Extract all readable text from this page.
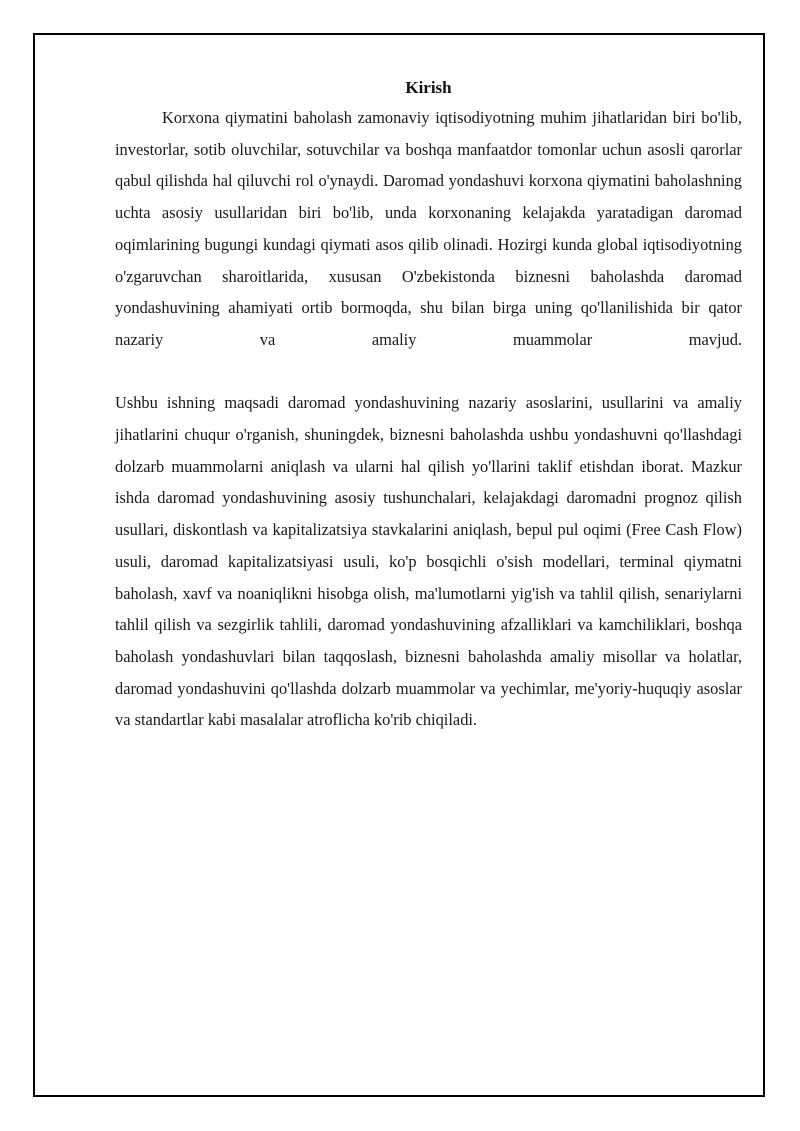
Kirish

Korxona qiymatini baholash zamonaviy iqtisodiyotning muhim jihatlaridan biri bo'lib, investorlar, sotib oluvchilar, sotuvchilar va boshqa manfaatdor tomonlar uchun asosli qarorlar qabul qilishda hal qiluvchi rol o'ynaydi. Daromad yondashuvi korxona qiymatini baholashning uchta asosiy usullaridan biri bo'lib, unda korxonaning kelajakda yaratadigan daromad oqimlarining bugungi kundagi qiymati asos qilib olinadi. Hozirgi kunda global iqtisodiyotning o'zgaruvchan sharoitlarida, xususan O'zbekistonda biznesni baholashda daromad yondashuvining ahamiyati ortib bormoqda, shu bilan birga uning qo'llanilishida bir qator nazariy va amaliy muammolar mavjud.

Ushbu ishning maqsadi daromad yondashuvining nazariy asoslarini, usullarini va amaliy jihatlarini chuqur o'rganish, shuningdek, biznesni baholashda ushbu yondashuvni qo'llashdagi dolzarb muammolarni aniqlash va ularni hal qilish yo'llarini taklif etishdan iborat. Mazkur ishda daromad yondashuvining asosiy tushunchalari, kelajakdagi daromadni prognoz qilish usullari, diskontlash va kapitalizatsiya stavkalarini aniqlash, bepul pul oqimi (Free Cash Flow) usuli, daromad kapitalizatsiyasi usuli, ko'p bosqichli o'sish modellari, terminal qiymatni baholash, xavf va noaniqlikni hisobga olish, ma'lumotlarni yig'ish va tahlil qilish, senariylarni tahlil qilish va sezgirlik tahlili, daromad yondashuvining afzalliklari va kamchiliklari, boshqa baholash yondashuvlari bilan taqqoslash, biznesni baholashda amaliy misollar va holatlar, daromad yondashuvini qo'llashda dolzarb muammolar va yechimlar, me'yoriy-huquqiy asoslar va standartlar kabi masalalar atroflicha ko'rib chiqiladi.
